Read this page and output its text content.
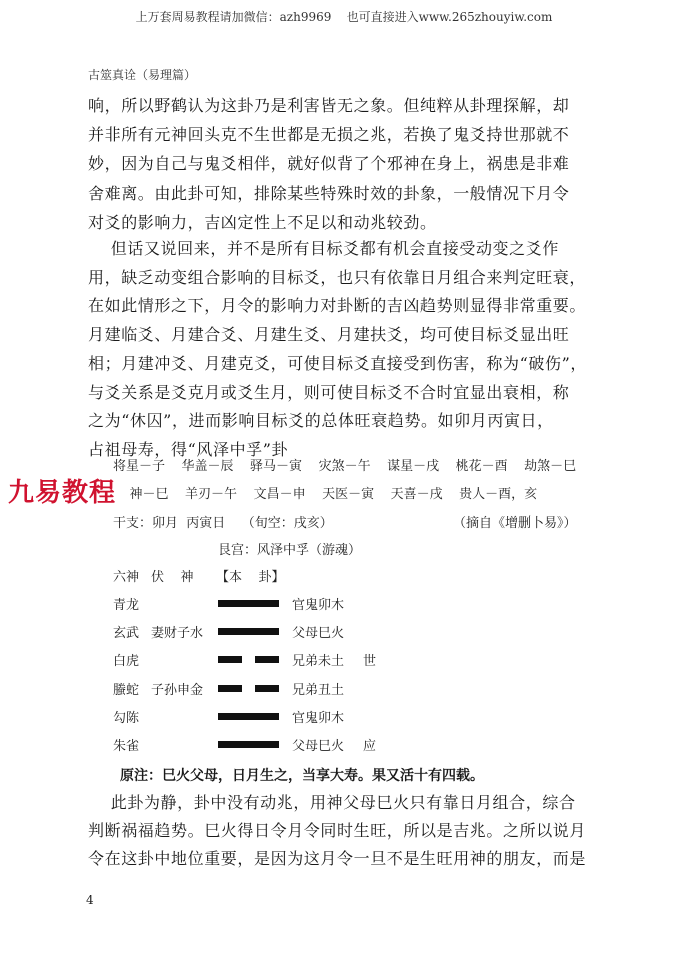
上万套周易教程请加微信：azh9969    也可直接进入www.265zhouyiw.com
古筮真诠（易理篇）
响，所以野鹤认为这卦乃是利害皆无之象。但纯粹从卦理探解，却
并非所有元神回头克不生世都是无损之兆，若换了鬼爻持世那就不
妙，因为自己与鬼爻相伴，就好似背了个邪神在身上，祸患是非难
舍难离。由此卦可知，排除某些特殊时效的卦象，一般情况下月令
对爻的影响力，吉凶定性上不足以和动兆较劲。
但话又说回来，并不是所有目标爻都有机会直接受动变之爻作
用，缺乏动变组合影响的目标爻，也只有依靠日月组合来判定旺衰，
在如此情形之下，月令的影响力对卦断的吉凶趋势则显得非常重要。
月建临爻、月建合爻、月建生爻、月建扶爻，均可使目标爻显出旺
相；月建冲爻、月建克爻，可使目标爻直接受到伤害，称为“破伤”，
与爻关系是爻克月或爻生月，则可使目标爻不合时宜显出衰相，称
之为“休囚”，进而影响目标爻的总体旺衰趋势。如卯月丙寅日，
占祖母寿，得“风泽中孚”卦
将星－子    华盖－辰    驿马－寅    灾煞－午    谋星－戌    桃花－酉    劫煞－巳
神－巳    羊刃－午    文昌－申    天医－寅    天喜－戌    贵人－酉，亥
九易教程
干支：卯月  丙寅日    （旬空：戌亥）	（摘自《增删卜易》）
艮宫：风泽中孚（游魂）
六神 伏    神 【本    卦】
青龙	官鬼卯木
玄武 妻财子水	父母巳火
白虎	兄弟未土 世
螣蛇 子孙申金	兄弟丑土
勾陈	官鬼卯木
朱雀	父母巳火 应
原注：巳火父母，日月生之，当享大寿。果又活十有四载。
此卦为静，卦中没有动兆，用神父母巳火只有靠日月组合，综合
判断祸福趋势。巳火得日令月令同时生旺，所以是吉兆。之所以说月
令在这卦中地位重要，是因为这月令一旦不是生旺用神的朋友，而是
4
